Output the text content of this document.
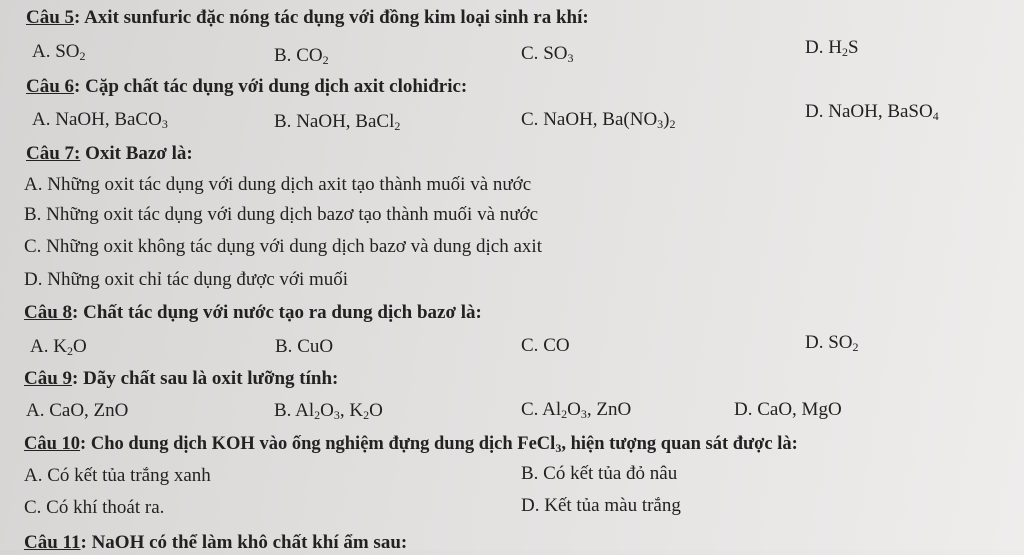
Câu 5: Axit sunfuric đặc nóng tác dụng với đồng kim loại sinh ra khí:
A. $SO_2$	B. $CO_2$	C. $SO_3$	D. $H_2S$
Câu 6: Cặp chất tác dụng với dung dịch axit clohiđric:
A. NaOH, BaCO$_3$	B. NaOH, BaCl$_2$	C. NaOH, $Ba(NO_3)_2$
D. NaOH, BaSO$_4$
Câu 7: Oxit Bazơ là:
A. Những oxit tác dụng với dung dịch axit tạo thành muối và nước
B. Những oxit tác dụng với dung dịch bazơ tạo thành muối và nước
C. Những oxit không tác dụng với dung dịch bazơ và dung dịch axit
D. Những oxit chỉ tác dụng được với muối
Câu 8: Chất tác dụng với nước tạo ra dung dịch bazơ là:
A. $K_2O$	B. CuO	C. CO	D. $SO_2$
Câu 9: Dãy chất sau là oxit lưỡng tính:
A. CaO, ZnO	B. $Al_2O_3$, $K_2O$	C. $Al_2O_3$, ZnO	D. CaO, MgO
Câu 10: Cho dung dịch KOH vào ống nghiệm đựng dung dịch FeCl$_3$, hiện tượng quan sát được là:
A. Có kết tủa trắng xanh	B. Có kết tủa đỏ nâu
C. Có khí thoát ra.	D. Kết tủa màu trắng
Câu 11: NaOH có thể làm khô chất khí ẩm sau:
